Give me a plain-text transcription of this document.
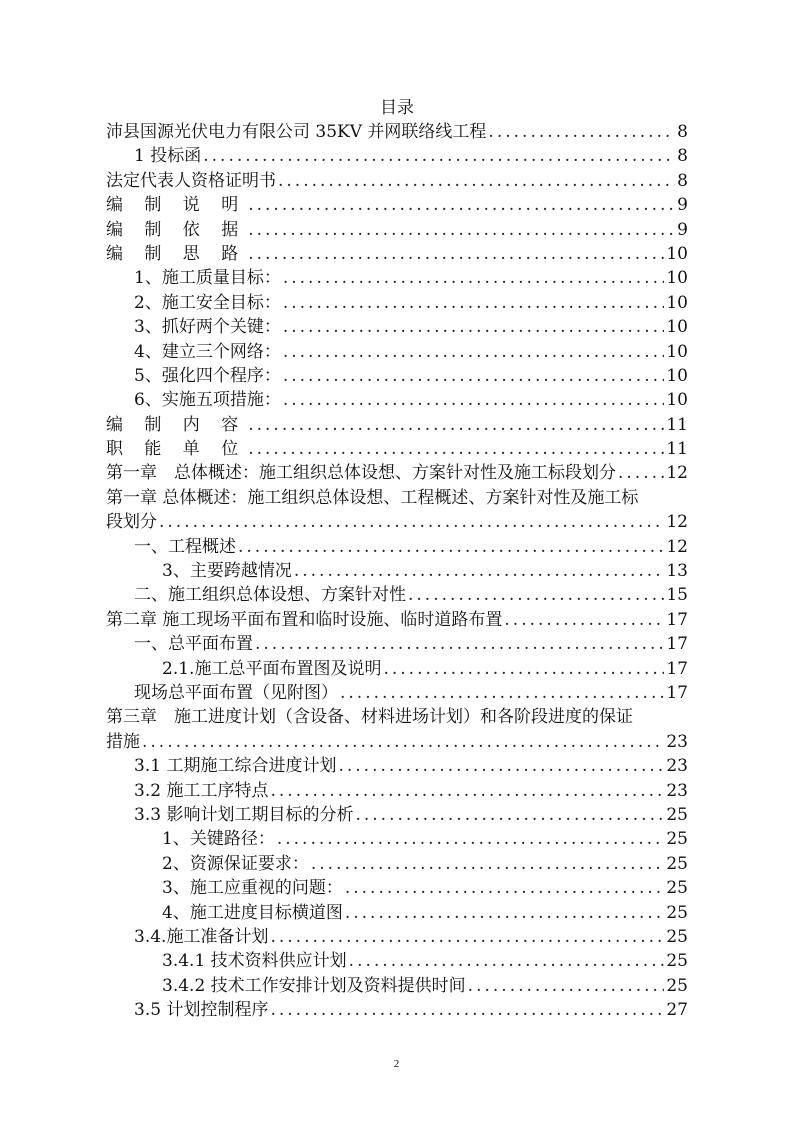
目录
沛县国源光伏电力有限公司 35KV 并网联络线工程 .....	8
1 投标函 .....	8
法定代表人资格证明书 .....	8
编 制 说 明 .....	9
编 制 依 据 .....	9
编 制 思 路 .....	10
1、施工质量目标： .....	10
2、施工安全目标： .....	10
3、抓好两个关键： .....	10
4、建立三个网络： .....	10
5、强化四个程序： .....	10
6、实施五项措施： .....	10
编 制 内 容 .....	11
职 能 单 位 .....	11
第一章　总体概述：施工组织总体设想、方案针对性及施工标段划分 .....	12
第一章 总体概述：施工组织总体设想、工程概述、方案针对性及施工标
段划分 .....	12
一、工程概述 .....	12
3、主要跨越情况 .....	13
二、施工组织总体设想、方案针对性 .....	15
第二章 施工现场平面布置和临时设施、临时道路布置 .....	17
一、总平面布置 .....	17
2.1.施工总平面布置图及说明 .....	17
现场总平面布置（见附图） .....	17
第三章　施工进度计划（含设备、材料进场计划）和各阶段进度的保证
措施 .....	23
3.1 工期施工综合进度计划 .....	23
3.2 施工工序特点 .....	23
3.3 影响计划工期目标的分析 .....	25
1、关键路径： .....	25
2、资源保证要求： .....	25
3、施工应重视的问题： .....	25
4、施工进度目标横道图 .....	25
3.4.施工准备计划 .....	25
3.4.1 技术资料供应计划 .....	25
3.4.2 技术工作安排计划及资料提供时间 .....	25
3.5 计划控制程序 .....	27
2
